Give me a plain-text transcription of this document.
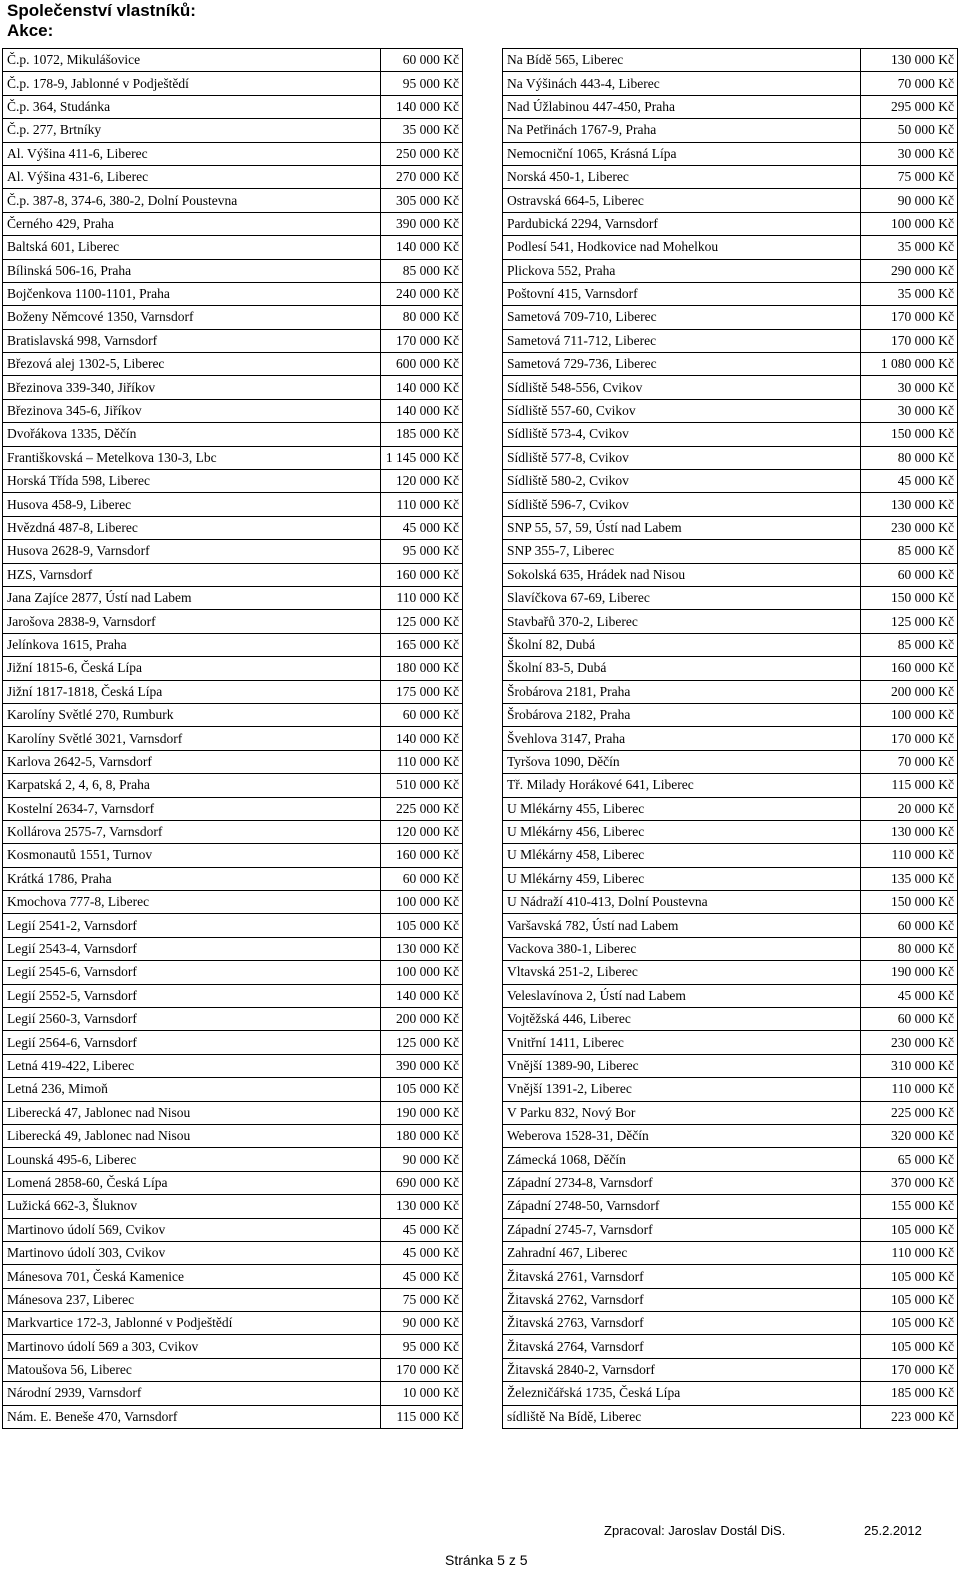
Společenství vlastníků:
Akce:
Č.p. 1072, Mikulášovice	60 000 Kč
Č.p. 178-9, Jablonné v Podještědí	95 000 Kč
Č.p. 364, Studánka	140 000 Kč
Č.p. 277, Brtníky	35 000 Kč
Al. Výšina 411-6, Liberec	250 000 Kč
Al. Výšina 431-6, Liberec	270 000 Kč
Č.p. 387-8, 374-6, 380-2, Dolní Poustevna	305 000 Kč
Černého 429, Praha	390 000 Kč
Baltská 601, Liberec	140 000 Kč
Bílinská 506-16, Praha	85 000 Kč
Bojčenkova 1100-1101, Praha	240 000 Kč
Boženy Němcové 1350, Varnsdorf	80 000 Kč
Bratislavská 998, Varnsdorf	170 000 Kč
Březová alej 1302-5, Liberec	600 000 Kč
Březinova 339-340, Jiříkov	140 000 Kč
Březinova 345-6, Jiříkov	140 000 Kč
Dvořákova 1335, Děčín	185 000 Kč
Františkovská – Metelkova 130-3, Lbc	1 145 000 Kč
Horská Třída 598, Liberec	120 000 Kč
Husova 458-9, Liberec	110 000 Kč
Hvězdná 487-8, Liberec	45 000 Kč
Husova 2628-9, Varnsdorf	95 000 Kč
HZS, Varnsdorf	160 000 Kč
Jana Zajíce 2877, Ústí nad Labem	110 000 Kč
Jarošova 2838-9, Varnsdorf	125 000 Kč
Jelínkova 1615, Praha	165 000 Kč
Jižní 1815-6, Česká Lípa	180 000 Kč
Jižní 1817-1818, Česká Lípa	175 000 Kč
Karolíny Světlé 270, Rumburk	60 000 Kč
Karolíny Světlé 3021, Varnsdorf	140 000 Kč
Karlova 2642-5, Varnsdorf	110 000 Kč
Karpatská 2, 4, 6, 8, Praha	510 000 Kč
Kostelní 2634-7, Varnsdorf	225 000 Kč
Kollárova 2575-7, Varnsdorf	120 000 Kč
Kosmonautů 1551, Turnov	160 000 Kč
Krátká 1786, Praha	60 000 Kč
Kmochova 777-8, Liberec	100 000 Kč
Legií 2541-2, Varnsdorf	105 000 Kč
Legií 2543-4, Varnsdorf	130 000 Kč
Legií 2545-6, Varnsdorf	100 000 Kč
Legií 2552-5, Varnsdorf	140 000 Kč
Legií 2560-3, Varnsdorf	200 000 Kč
Legií 2564-6, Varnsdorf	125 000 Kč
Letná 419-422, Liberec	390 000 Kč
Letná 236, Mimoň	105 000 Kč
Liberecká 47, Jablonec nad Nisou	190 000 Kč
Liberecká 49, Jablonec nad Nisou	180 000 Kč
Lounská 495-6, Liberec	90 000 Kč
Lomená 2858-60, Česká Lípa	690 000 Kč
Lužická 662-3, Šluknov	130 000 Kč
Martinovo údolí 569, Cvikov	45 000 Kč
Martinovo údolí 303, Cvikov	45 000 Kč
Mánesova 701, Česká Kamenice	45 000 Kč
Mánesova 237, Liberec	75 000 Kč
Markvartice 172-3, Jablonné v Podještědí	90 000 Kč
Martinovo údolí 569 a 303, Cvikov	95 000 Kč
Matoušova 56, Liberec	170 000 Kč
Národní 2939, Varnsdorf	10 000 Kč
Nám. E. Beneše 470, Varnsdorf	115 000 Kč
Na Bídě 565, Liberec	130 000 Kč
Na Výšinách 443-4, Liberec	70 000 Kč
Nad Úžlabinou 447-450, Praha	295 000 Kč
Na Petřinách 1767-9, Praha	50 000 Kč
Nemocniční 1065, Krásná Lípa	30 000 Kč
Norská 450-1, Liberec	75 000 Kč
Ostravská 664-5, Liberec	90 000 Kč
Pardubická 2294, Varnsdorf	100 000 Kč
Podlesí 541, Hodkovice nad Mohelkou	35 000 Kč
Plickova 552, Praha	290 000 Kč
Poštovní 415, Varnsdorf	35 000 Kč
Sametová 709-710, Liberec	170 000 Kč
Sametová 711-712, Liberec	170 000 Kč
Sametová 729-736, Liberec	1 080 000 Kč
Sídliště 548-556, Cvikov	30 000 Kč
Sídliště 557-60, Cvikov	30 000 Kč
Sídliště 573-4, Cvikov	150 000 Kč
Sídliště 577-8, Cvikov	80 000 Kč
Sídliště 580-2, Cvikov	45 000 Kč
Sídliště 596-7, Cvikov	130 000 Kč
SNP 55, 57, 59, Ústí nad Labem	230 000 Kč
SNP 355-7, Liberec	85 000 Kč
Sokolská 635, Hrádek nad Nisou	60 000 Kč
Slavíčkova 67-69, Liberec	150 000 Kč
Stavbařů 370-2, Liberec	125 000 Kč
Školní 82, Dubá	85 000 Kč
Školní 83-5, Dubá	160 000 Kč
Šrobárova 2181, Praha	200 000 Kč
Šrobárova 2182, Praha	100 000 Kč
Švehlova 3147, Praha	170 000 Kč
Tyršova 1090, Děčín	70 000 Kč
Tř. Milady Horákové 641, Liberec	115 000 Kč
U Mlékárny 455, Liberec	20 000 Kč
U Mlékárny 456, Liberec	130 000 Kč
U Mlékárny 458, Liberec	110 000 Kč
U Mlékárny 459, Liberec	135 000 Kč
U Nádraží 410-413, Dolní Poustevna	150 000 Kč
Varšavská 782, Ústí nad Labem	60 000 Kč
Vackova 380-1, Liberec	80 000 Kč
Vltavská 251-2, Liberec	190 000 Kč
Veleslavínova 2, Ústí nad Labem	45 000 Kč
Vojtěžská 446, Liberec	60 000 Kč
Vnitřní 1411, Liberec	230 000 Kč
Vnější 1389-90, Liberec	310 000 Kč
Vnější 1391-2, Liberec	110 000 Kč
V Parku 832, Nový Bor	225 000 Kč
Weberova 1528-31, Děčín	320 000 Kč
Zámecká 1068, Děčín	65 000 Kč
Západní 2734-8, Varnsdorf	370 000 Kč
Západní 2748-50, Varnsdorf	155 000 Kč
Západní 2745-7, Varnsdorf	105 000 Kč
Zahradní 467, Liberec	110 000 Kč
Žitavská 2761, Varnsdorf	105 000 Kč
Žitavská 2762, Varnsdorf	105 000 Kč
Žitavská 2763, Varnsdorf	105 000 Kč
Žitavská 2764, Varnsdorf	105 000 Kč
Žitavská 2840-2, Varnsdorf	170 000 Kč
Železničářská 1735, Česká Lípa	185 000 Kč
sídliště Na Bídě, Liberec	223 000 Kč
Zpracoval: Jaroslav Dostál DiS.	25.2.2012
Stránka 5 z 5
